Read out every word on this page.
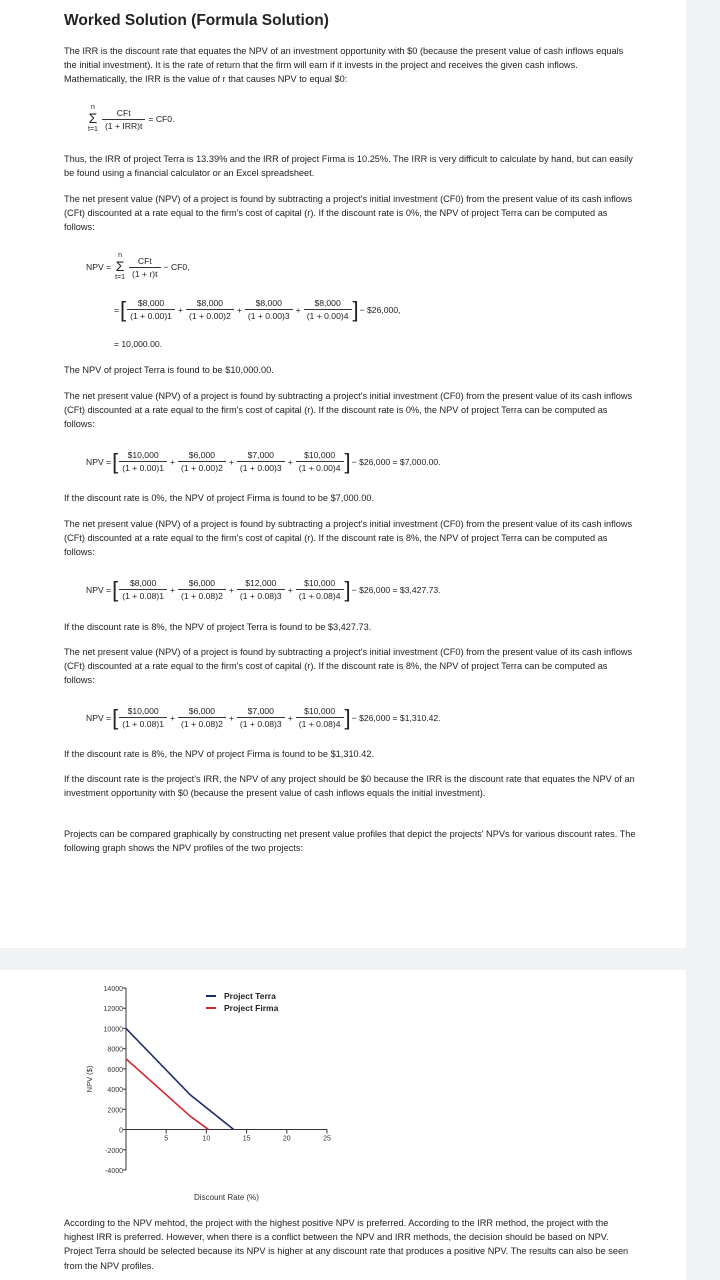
Worked Solution (Formula Solution)
The IRR is the discount rate that equates the NPV of an investment opportunity with $0 (because the present value of cash inflows equals the initial investment). It is the rate of return that the firm will earn if it invests in the project and receives the given cash inflows. Mathematically, the IRR is the value of r that causes NPV to equal $0:
n
Σ
$t=1 \frac{\text{CFt}}{\text{(1 + IRR)t}} = CF0$.
Thus, the IRR of project Terra is 13.39% and the IRR of project Firma is 10.25%. The IRR is very difficult to calculate by hand, but can easily be found using a financial calculator or an Excel spreadsheet.
The net present value (NPV) of a project is found by subtracting a project's initial investment (CF0) from the present value of its cash inflows (CFt) discounted at a rate equal to the firm's cost of capital (r). If the discount rate is 0%, the NPV of project Terra can be computed as follows:
NPV =
n
Σ
$t=1 \frac{\text{CFt}}{(1 + r)t} - CF0$,
= [ $\frac{\$8,000}{(1 + 0.00)1} + \frac{\$8,000}{(1 + 0.00)2} + \frac{\$8,000}{(1 + 0.00)3} + \frac{\$8,000}{(1 + 0.00)4}$ ] − $26,000,
= 10,000.00.
The NPV of project Terra is found to be $10,000.00.
The net present value (NPV) of a project is found by subtracting a project's initial investment (CF0) from the present value of its cash inflows (CFt) discounted at a rate equal to the firm's cost of capital (r). If the discount rate is 0%, the NPV of project Terra can be computed as follows:
NPV = [ $\frac{\$10,000}{(1 + 0.00)1} + \frac{\$6,000}{(1 + 0.00)2} + \frac{\$7,000}{(1 + 0.00)3} + \frac{\$10,000}{(1 + 0.00)4}$ ] − $26,000 = $7,000.00.
If the discount rate is 0%, the NPV of project Firma is found to be $7,000.00.
The net present value (NPV) of a project is found by subtracting a project's initial investment (CF0) from the present value of its cash inflows (CFt) discounted at a rate equal to the firm's cost of capital (r). If the discount rate is 8%, the NPV of project Terra can be computed as follows:
NPV = [ $\frac{\$8,000}{(1 + 0.08)1} + \frac{\$6,000}{(1 + 0.08)2} + \frac{\$12,000}{(1 + 0.08)3} + \frac{\$10,000}{(1 + 0.08)4}$ ] − $26,000 = $3,427.73.
If the discount rate is 8%, the NPV of project Terra is found to be $3,427.73.
The net present value (NPV) of a project is found by subtracting a project's initial investment (CF0) from the present value of its cash inflows (CFt) discounted at a rate equal to the firm's cost of capital (r). If the discount rate is 8%, the NPV of project Terra can be computed as follows:
NPV = [ $\frac{\$10,000}{(1 + 0.08)1} + \frac{\$6,000}{(1 + 0.08)2} + \frac{\$7,000}{(1 + 0.08)3} + \frac{\$10,000}{(1 + 0.08)4}$ ] − $26,000 = $1,310.42.
If the discount rate is 8%, the NPV of project Firma is found to be $1,310.42.
If the discount rate is the project's IRR, the NPV of any project should be $0 because the IRR is the discount rate that equates the NPV of an investment opportunity with $0 (because the present value of cash inflows equals the initial investment).
Projects can be compared graphically by constructing net present value profiles that depict the projects' NPVs for various discount rates. The following graph shows the NPV profiles of the two projects:
14000
12000
10000
8000
6000
4000
2000
0
-2000
-4000
5	10	15	20	25
NPV ($)
Discount Rate (%)
Project Terra
Project Firma
According to the NPV mehtod, the project with the highest positive NPV is preferred. According to the IRR method, the project with the highest IRR is preferred. However, when there is a conflict between the NPV and IRR methods, the decision should be based on NPV. Project Terra should be selected because its NPV is higher at any discount rate that produces a positive NPV. The results can also be seen from the NPV profiles.
